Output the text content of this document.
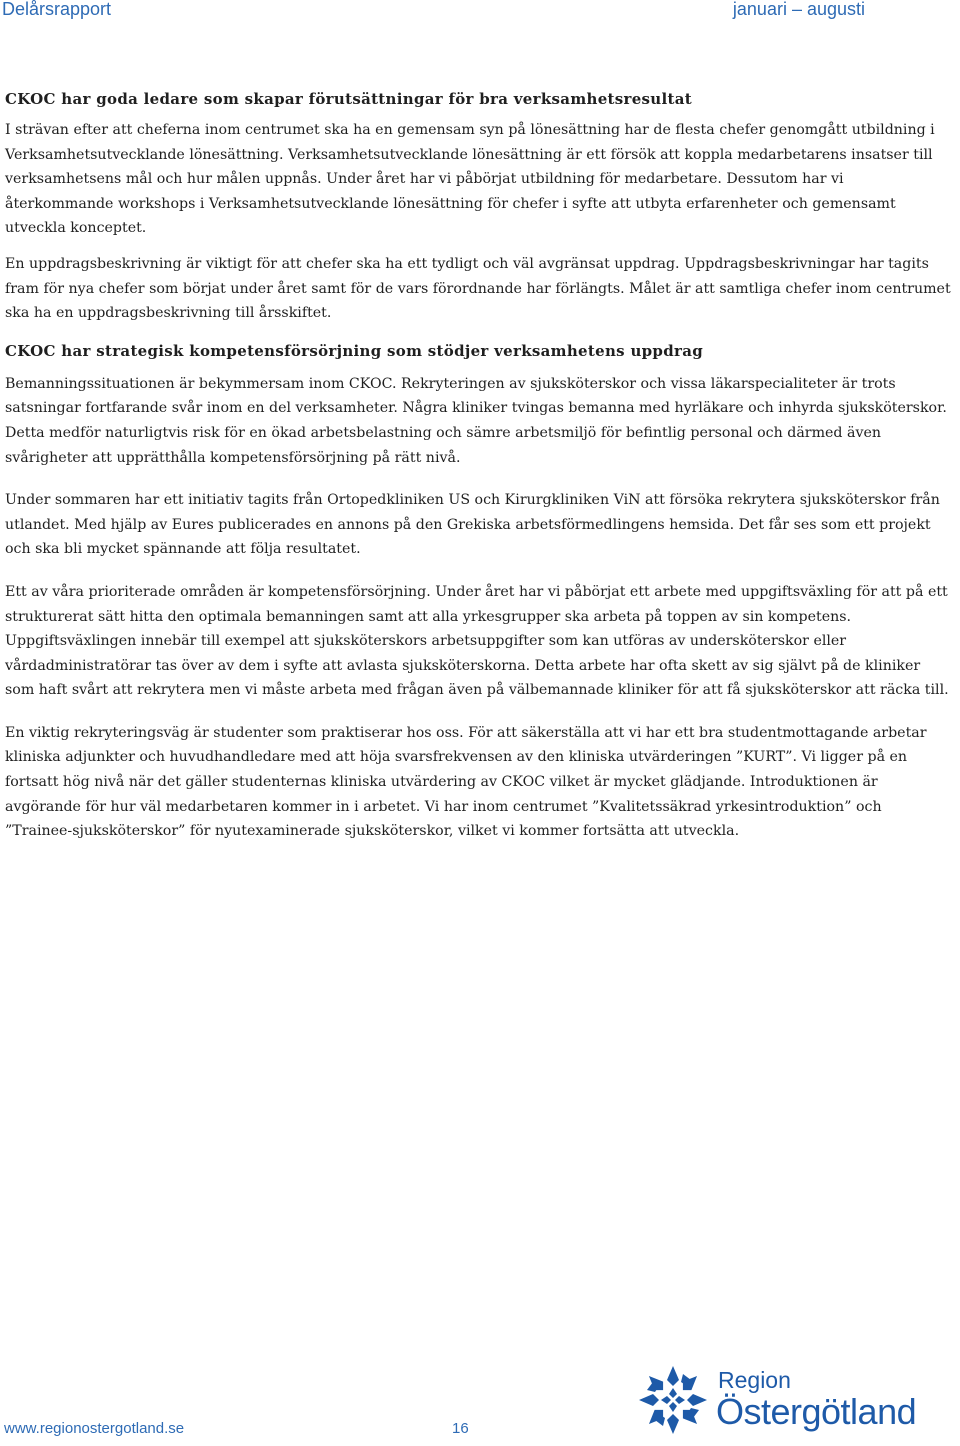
Delårsrapport	januari – augusti
CKOC har goda ledare som skapar förutsättningar för bra verksamhetsresultat

I strävan efter att cheferna inom centrumet ska ha en gemensam syn på lönesättning har de flesta chefer genomgått utbildning i Verksamhetsutvecklande lönesättning. Verksamhetsutvecklande lönesättning är ett försök att koppla medarbetarens insatser till verksamhetsens mål och hur målen uppnås. Under året har vi påbörjat utbildning för medarbetare. Dessutom har vi återkommande workshops i Verksamhetsutvecklande lönesättning för chefer i syfte att utbyta erfarenheter och gemensamt utveckla konceptet.

En uppdragsbeskrivning är viktigt för att chefer ska ha ett tydligt och väl avgränsat uppdrag. Uppdragsbeskrivningar har tagits fram för nya chefer som börjat under året samt för de vars förordnande har förlängts. Målet är att samtliga chefer inom centrumet ska ha en uppdragsbeskrivning till årsskiftet.

CKOC har strategisk kompetensförsörjning som stödjer verksamhetens uppdrag

Bemanningssituationen är bekymmersam inom CKOC. Rekryteringen av sjuksköterskor och vissa läkarspecialiteter är trots satsningar fortfarande svår inom en del verksamheter. Några kliniker tvingas bemanna med hyrläkare och inhyrda sjuksköterskor. Detta medför naturligtvis risk för en ökad arbetsbelastning och sämre arbetsmiljö för befintlig personal och därmed även svårigheter att upprätthålla kompetensförsörjning på rätt nivå.

Under sommaren har ett initiativ tagits från Ortopedkliniken US och Kirurgkliniken ViN att försöka rekrytera sjuksköterskor från utlandet. Med hjälp av Eures publicerades en annons på den Grekiska arbetsförmedlingens hemsida. Det får ses som ett projekt och ska bli mycket spännande att följa resultatet.

Ett av våra prioriterade områden är kompetensförsörjning. Under året har vi påbörjat ett arbete med uppgiftsväxling för att på ett strukturerat sätt hitta den optimala bemanningen samt att alla yrkesgrupper ska arbeta på toppen av sin kompetens. Uppgiftsväxlingen innebär till exempel att sjuksköterskors arbetsuppgifter som kan utföras av undersköterskor eller vårdadministratörar tas över av dem i syfte att avlasta sjuksköterskorna. Detta arbete har ofta skett av sig självt på de kliniker som haft svårt att rekrytera men vi måste arbeta med frågan även på välbemannade kliniker för att få sjuksköterskor att räcka till.

En viktig rekryteringsväg är studenter som praktiserar hos oss. För att säkerställa att vi har ett bra studentmottagande arbetar kliniska adjunkter och huvudhandledare med att höja svarsfrekvensen av den kliniska utvärderingen ”KURT”. Vi ligger på en fortsatt hög nivå när det gäller studenternas kliniska utvärdering av CKOC vilket är mycket glädjande. Introduktionen är avgörande för hur väl medarbetaren kommer in i arbetet. Vi har inom centrumet ”Kvalitetssäkrad yrkesintroduktion” och ”Trainee-sjuksköterskor” för nyutexaminerade sjuksköterskor, vilket vi kommer fortsätta att utveckla.

www.regionostergotland.se	16
Region
Östergötland
